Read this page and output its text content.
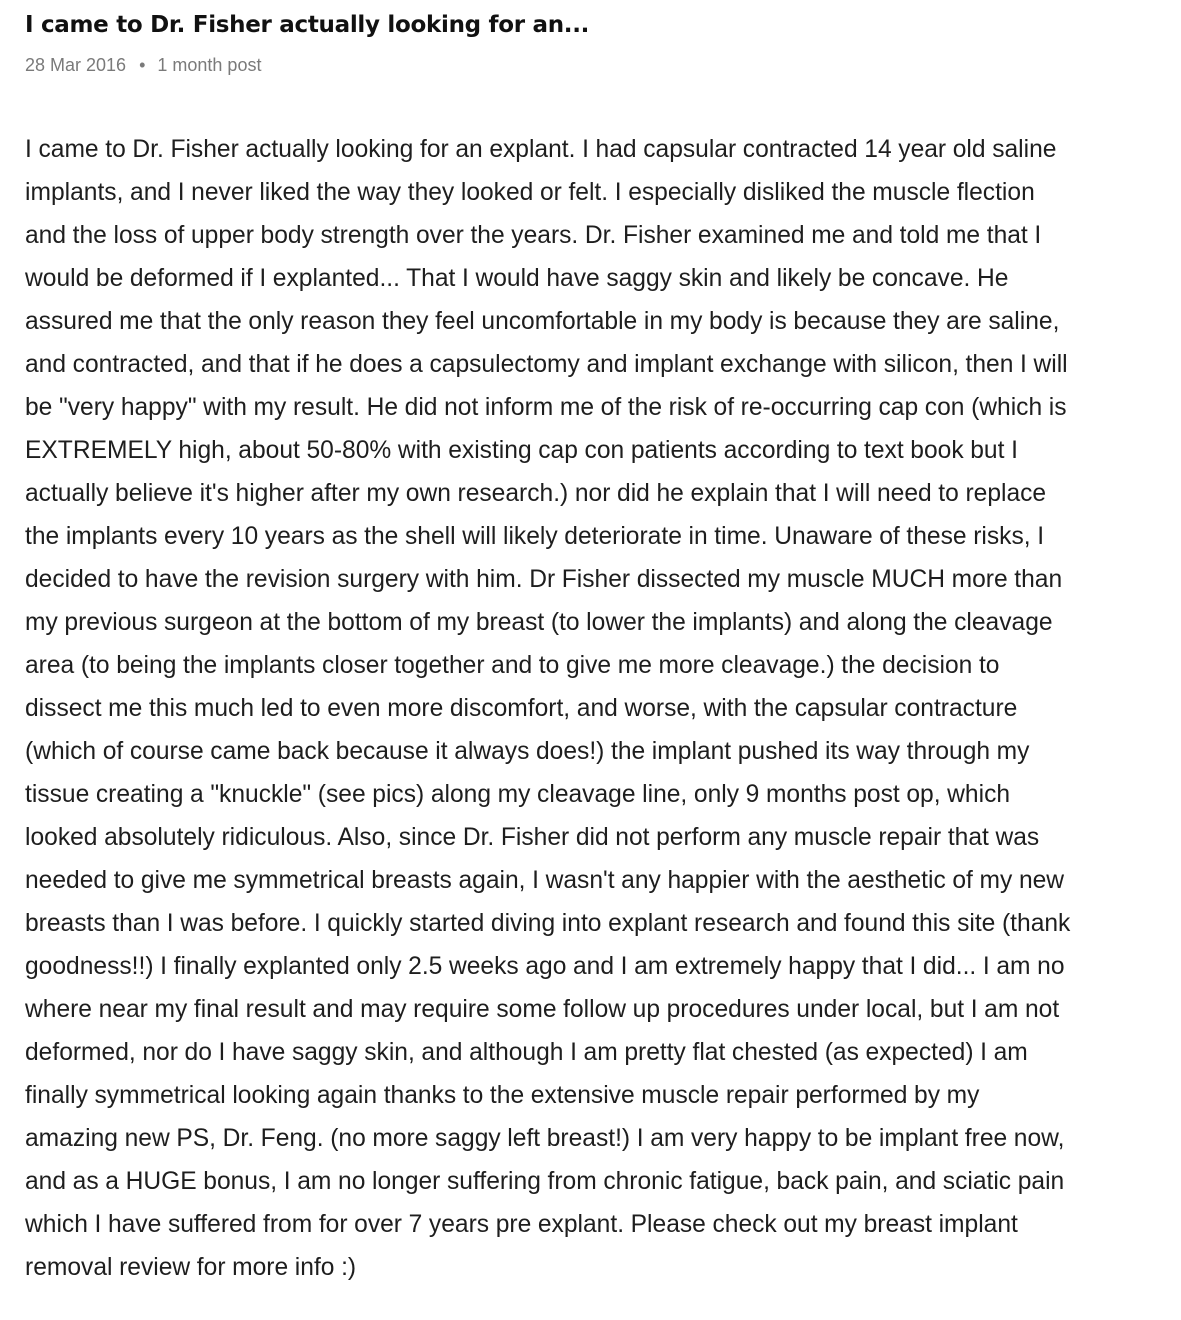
I came to Dr. Fisher actually looking for an...
28 Mar 2016 • 1 month post
I came to Dr. Fisher actually looking for an explant. I had capsular contracted 14 year old saline
implants, and I never liked the way they looked or felt. I especially disliked the muscle flection
and the loss of upper body strength over the years. Dr. Fisher examined me and told me that I
would be deformed if I explanted... That I would have saggy skin and likely be concave. He
assured me that the only reason they feel uncomfortable in my body is because they are saline,
and contracted, and that if he does a capsulectomy and implant exchange with silicon, then I will
be "very happy" with my result. He did not inform me of the risk of re-occurring cap con (which is
EXTREMELY high, about 50-80% with existing cap con patients according to text book but I
actually believe it's higher after my own research.) nor did he explain that I will need to replace
the implants every 10 years as the shell will likely deteriorate in time. Unaware of these risks, I
decided to have the revision surgery with him. Dr Fisher dissected my muscle MUCH more than
my previous surgeon at the bottom of my breast (to lower the implants) and along the cleavage
area (to being the implants closer together and to give me more cleavage.) the decision to
dissect me this much led to even more discomfort, and worse, with the capsular contracture
(which of course came back because it always does!) the implant pushed its way through my
tissue creating a "knuckle" (see pics) along my cleavage line, only 9 months post op, which
looked absolutely ridiculous. Also, since Dr. Fisher did not perform any muscle repair that was
needed to give me symmetrical breasts again, I wasn't any happier with the aesthetic of my new
breasts than I was before. I quickly started diving into explant research and found this site (thank
goodness!!) I finally explanted only 2.5 weeks ago and I am extremely happy that I did... I am no
where near my final result and may require some follow up procedures under local, but I am not
deformed, nor do I have saggy skin, and although I am pretty flat chested (as expected) I am
finally symmetrical looking again thanks to the extensive muscle repair performed by my
amazing new PS, Dr. Feng. (no more saggy left breast!) I am very happy to be implant free now,
and as a HUGE bonus, I am no longer suffering from chronic fatigue, back pain, and sciatic pain
which I have suffered from for over 7 years pre explant. Please check out my breast implant
removal review for more info :)
